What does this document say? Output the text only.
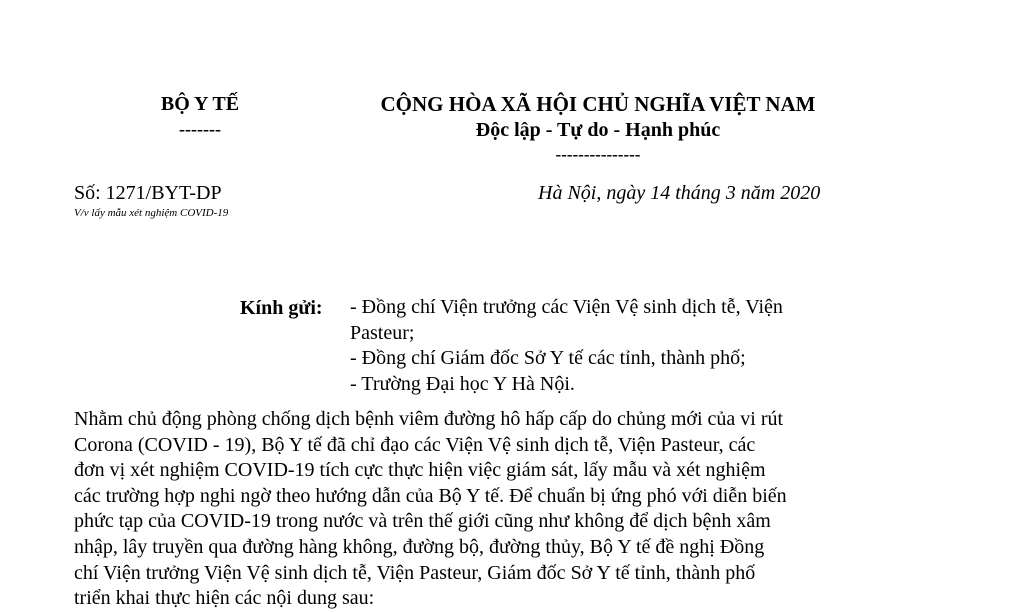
BỘ Y TẾ
-------
CỘNG HÒA XÃ HỘI CHỦ NGHĨA VIỆT NAM
Độc lập - Tự do - Hạnh phúc
---------------
Số: 1271/BYT-DP
V/v lấy mẫu xét nghiệm COVID-19
Hà Nội, ngày 14 tháng 3 năm 2020
Kính gửi: - Đồng chí Viện trưởng các Viện Vệ sinh dịch tễ, Viện
Pasteur;
- Đồng chí Giám đốc Sở Y tế các tỉnh, thành phố;
- Trường Đại học Y Hà Nội.
Nhằm chủ động phòng chống dịch bệnh viêm đường hô hấp cấp do chủng mới của vi rút
Corona (COVID - 19), Bộ Y tế đã chỉ đạo các Viện Vệ sinh dịch tễ, Viện Pasteur, các
đơn vị xét nghiệm COVID-19 tích cực thực hiện việc giám sát, lấy mẫu và xét nghiệm
các trường hợp nghi ngờ theo hướng dẫn của Bộ Y tế. Để chuẩn bị ứng phó với diễn biến
phức tạp của COVID-19 trong nước và trên thế giới cũng như không để dịch bệnh xâm
nhập, lây truyền qua đường hàng không, đường bộ, đường thủy, Bộ Y tế đề nghị Đồng
chí Viện trưởng Viện Vệ sinh dịch tễ, Viện Pasteur, Giám đốc Sở Y tế tỉnh, thành phố
triển khai thực hiện các nội dung sau:
